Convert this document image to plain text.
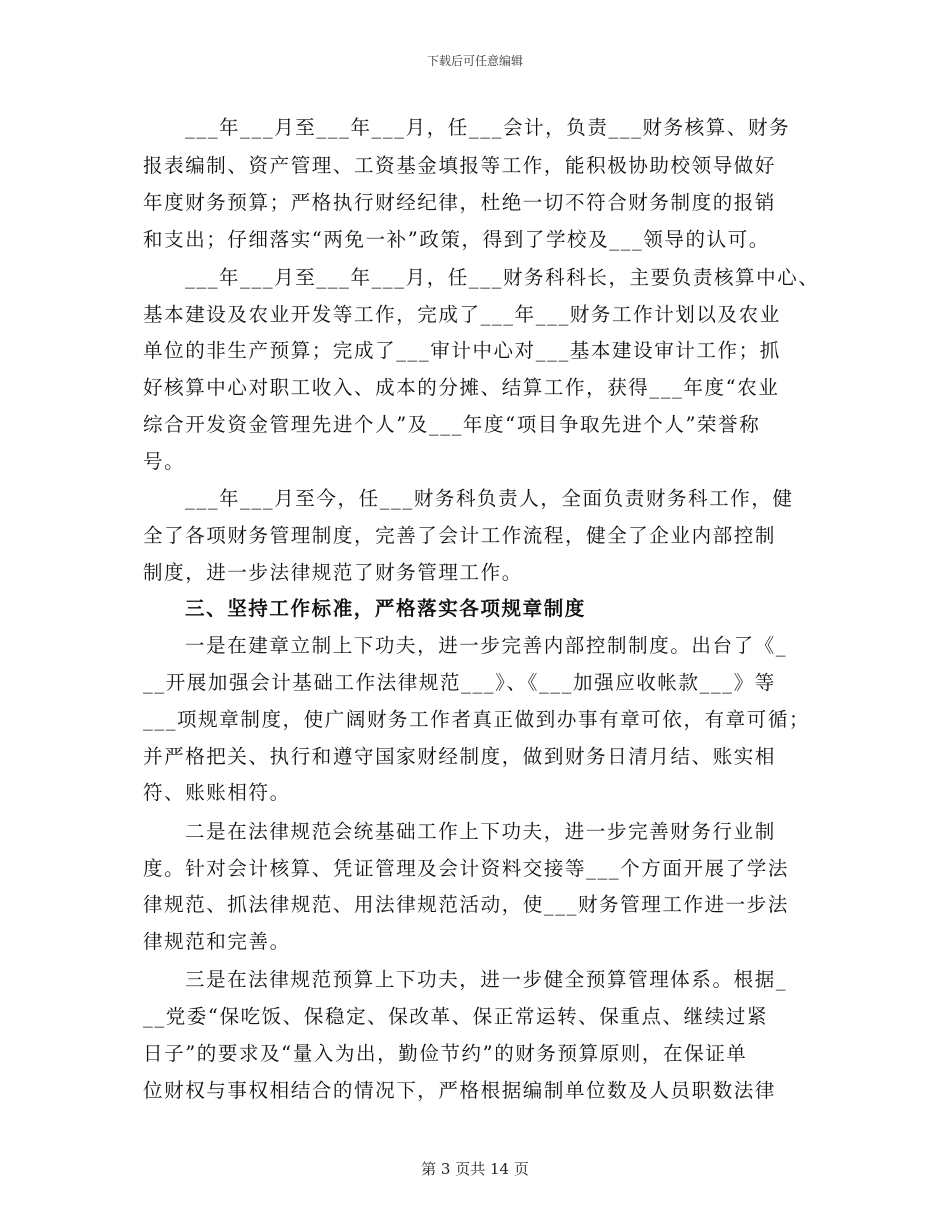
下载后可任意编辑
___年___月至___年___月，任___会计，负责___财务核算、财务
报表编制、资产管理、工资基金填报等工作，能积极协助校领导做好
年度财务预算；严格执行财经纪律，杜绝一切不符合财务制度的报销
和支出；仔细落实“两免一补”政策，得到了学校及___领导的认可。
___年___月至___年___月，任___财务科科长，主要负责核算中心、
基本建设及农业开发等工作，完成了___年___财务工作计划以及农业
单位的非生产预算；完成了___审计中心对___基本建设审计工作；抓
好核算中心对职工收入、成本的分摊、结算工作，获得___年度“农业
综合开发资金管理先进个人”及___年度“项目争取先进个人”荣誉称
号。
___年___月至今，任___财务科负责人，全面负责财务科工作，健
全了各项财务管理制度，完善了会计工作流程，健全了企业内部控制
制度，进一步法律规范了财务管理工作。
三、坚持工作标准，严格落实各项规章制度
一是在建章立制上下功夫，进一步完善内部控制制度。出台了《_
__开展加强会计基础工作法律规范___》、《___加强应收帐款___》等
___项规章制度，使广阔财务工作者真正做到办事有章可依，有章可循；
并严格把关、执行和遵守国家财经制度，做到财务日清月结、账实相
符、账账相符。
二是在法律规范会统基础工作上下功夫，进一步完善财务行业制
度。针对会计核算、凭证管理及会计资料交接等___个方面开展了学法
律规范、抓法律规范、用法律规范活动，使___财务管理工作进一步法
律规范和完善。
三是在法律规范预算上下功夫，进一步健全预算管理体系。根据_
__党委“保吃饭、保稳定、保改革、保正常运转、保重点、继续过紧
日子”的要求及“量入为出，勤俭节约”的财务预算原则，在保证单
位财权与事权相结合的情况下，严格根据编制单位数及人员职数法律
第 3 页共 14 页
